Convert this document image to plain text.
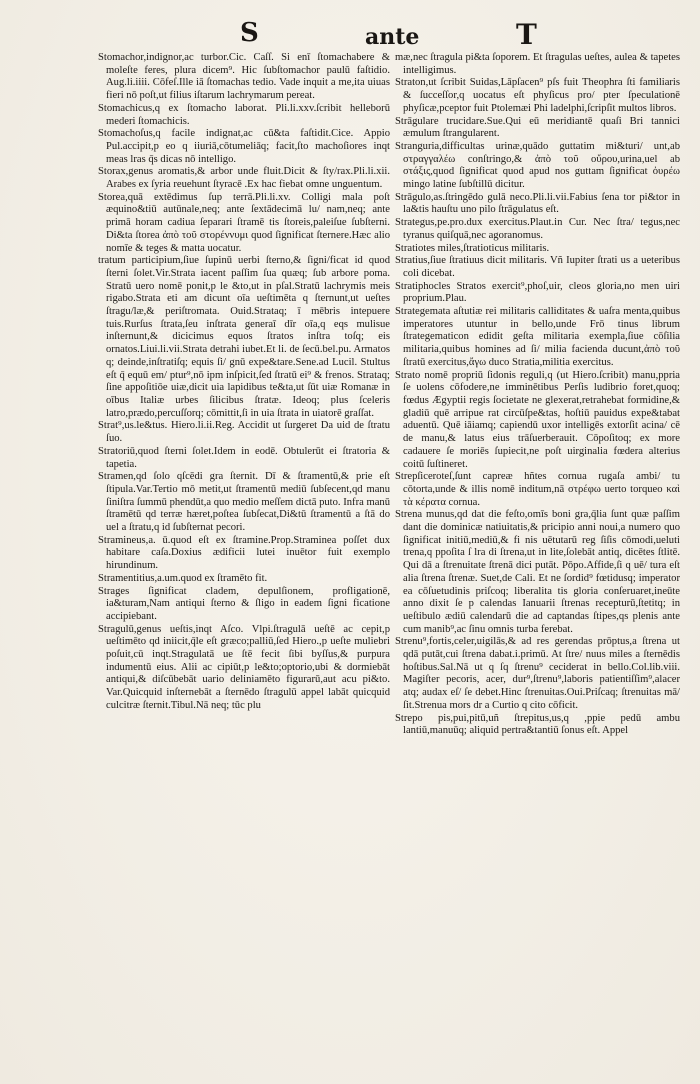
S	ante	T

Stomachor,indignor,ac turbor.Cic. Caſſ. Si enī ſtomachabere & moleſte feres, plura dicem⁹. Hic ſubſtomachor paulū faſtidio. Aug.li.iiii. Cōfeſ.Ille iā ſtomachas tedio. Vade inquit a me,ita uiuas fieri nō poſt,ut filius iſtarum lachrymarum pereat.

Stomachicus,q ex ſtomacho laborat. Pli.li.xxv.ſcribit helleborū mederi ſtomachicis.

Stomachoſus,q facile indignat,ac cū&ta faſtidit.Cice. Appio Pul.accipit,p eo q iiuriā,cōtumeliāq; facit,ſto machoſiores inqt meas lras q̄s dicas nō intelligo.

Storax,genus aromatis,& arbor unde fluit.Dicit & ſty/rax.Pli.li.xii. Arabes ex ſyria reuehunt ſtyracē .Ex hac fiebat omne unguentum.

Storea,quā extēdimus ſup terrā.Pli.li.xv. Colligi mala poſt æquino&tiū autūnale,neq; ante ſextādecimā lu/ nam,neq; ante primā horam cadiua ſeparari ſtramē tis ſtoreis,paleiſue ſubſterni. Di&ta ſtorea ἀπὸ τοῦ στορέννυμι quod ſignificat ſternere.Hæc alio nomīe & teges & matta uocatur.

tratum participium,ſiue ſupinū uerbi ſterno,& ſigni/ficat id quod ſterni ſolet.Vir.Strata iacent paſſim ſua quæq; ſub arbore poma. Stratū uero nomē ponit,p le &to,ut in pſal.Stratū lachrymis meis rigabo.Strata eti am dicunt oīa ueſtimēta q ſternunt,ut ueſtes ſtragu/læ,& periſtromata. Ouid.Strataq; ī mēbris intepuere tuis.Rurſus ſtrata,ſeu inſtrata generaī dīr oīa,q eqs mulisue inſternunt,& dicicimus equos ſtratos inſtra toſq; eis ornatos.Liui.li.vii.Strata detrahi iubet.Et li. de ſecū.bel.pu. Armatos q; deinde,inſtratiſq; equis ſi/ gnū expe&tare.Sene.ad Lucil. Stultus eſt q̄ equū em/ ptur⁹,nō ipm inſpicit,ſed ſtratū ei⁹ & frenos. Strataq; ſine appoſitiōe uiæ,dicit uia lapidibus te&ta,ut ſūt uiæ Romanæ in oībus Italiæ urbes ſilicibus ſtratæ. Ideoq; plus ſceleris latro,prædo,percuſſorq; cōmittit,ſi in uia ſtrata in uiatorē graſſat.

Strat⁹,us.le&tus. Hiero.li.ii.Reg. Accidit ut ſurgeret Da uid de ſtratu ſuo.

Stratoriū,quod ſterni ſolet.Idem in eodē. Obtulerūt ei ſtratoria & tapetia.

Stramen,qd ſolo qſcēdi gra ſternit. Dī & ſtramentū,& prie eſt ſtipula.Var.Tertio mō metit,ut ſtramentū mediū ſubſecent,qd manu ſiniſtra ſummū phendūt,a quo medio meſſem dictā puto. Infra manū ſtramētū qd terræ hæret,poſtea ſubſecat,Di&tū ſtramentū a ſtā do uel a ſtratu,q id ſubſternat pecori.

Stramineus,a. ū.quod eſt ex ſtramine.Prop.Straminea poſſet dux habitare caſa.Doxius ædificii lutei inuētor fuit exemplo hirundinum.

Stramentitius,a.um.quod ex ſtramēto fit.

Strages ſignificat cladem, depulſionem, profligationē, ia&turam,Nam antiqui ſterno & ſligo in eadem ſigni ficatione accipiebant.

Stragulū,genus ueſtis,inqt Aſco. Vlpi.ſtragulā ueſtē ac cepit,p ueſtimēto qd iniicit,q̄le eſt græco;palliū,ſed Hiero.,p ueſte muliebri poſuit,cū inqt.Stragulatā ue ſtē fecit ſibi byſſus,& purpura indumentū eius. Alii ac cipiūt,p le&to;optorio,ubi & dormiebāt antiqui,& diſcūbebāt uario deliniamēto figurarū,aut acu pi&to. Var.Quicquid inſternebāt a ſternēdo ſtragulū appel labāt quicquid culcitræ ſternit.Tibul.Nā neq; tūc plu

mæ,nec ſtragula pi&ta ſoporem. Et ſtragulas ueſtes, aulea & tapetes intelligimus.

Straton,ut ſcribit Suidas,Lāpſacen⁹ pſs fuit Theophra ſti familiaris & ſucceſſor,q uocatus eſt phyſicus pro/ pter ſpeculationē phyſicæ,pceptor fuit Ptolemæi Phi ladelphi,ſcripſit multos libros.

Strāgulare trucidare.Sue.Qui eū meridiantē quaſi Bri tannici æmulum ſtrangularent.

Stranguria,difficultas urinæ,quādo guttatim mi&turi/ unt,ab στραγγαλέω conſtringo,& ἀπὸ τοῦ οὔρου,urina,uel ab στάξις,quod ſignificat quod apud nos guttam ſignificat ὀυρέω mingo latine ſubſtillū dicitur.

Strāgulo,as.ſtringēdo gulā neco.Pli.li.vii.Fabius ſena tor pi&tor in la&tis hauſtu uno pilo ſtrāgulatus eſt.

Strategus,pe.pro.dux exercitus.Plaut.in Cur. Nec ſtra/ tegus,nec tyranus quiſquā,nec agoranomus.

Stratiotes miles,ſtratioticus militaris.

Stratius,ſiue ſtratiuus dicit militaris. Vñ Iupiter ſtrati us a ueteribus coli dicebat.

Stratiphocles Stratos exercit⁹,phoſ,uir, cleos gloria,no men uiri proprium.Plau.

Strategemata aſtutiæ rei militaris calliditates & uaſra menta,quibus imperatores utuntur in bello,unde Frō tinus librum ſtrategematicon edidit geſta militaria exempla,ſiue cōſilia militaria,quibus homines ad ſi/ milia facienda ducunt,ἀπὸ τοῦ ſtratū exercitus,ἄγω duco Stratia,militia exercitus.

Strato nomē propriū ſidonis reguli,q (ut Hiero.ſcribit) manu,ppria ſe uolens cōfodere,ne imminētibus Perſis ludibrio foret,quoq; fœdus Ægyptii regis ſocietate ne glexerat,retrahebat formidine,& gladiū quē arripue rat circūſpe&tas, hoſtiū pauidus expe&tabat aduentū. Quē iāiamq; capiendū uxor intelligēs extorſit acina/ cē de manu,& latus eius trāſuerberauit. Cōpoſitoq; ex more cadauere ſe moriēs ſupiecit,ne poſt uirginalia fœdera alterius coitū ſuſtineret.

Strepſiceroteſ,ſunt capreæ hñtes cornua rugaſa ambi/ tu cōtorta,unde & illis nomē inditum,nā στρέφω uerto torqueo καὶ τὰ κέρατα cornua.

Strena munus,qd dat die feſto,omīs boni gra,q̄lia ſunt quæ paſſim dant die dominicæ natiuitatis,& pricipio anni noui,a numero quo ſignificat initiū,mediū,& fi nis uētutarū reg ſiſis cōmodi,ueluti trena,q ppoſita ſ lra di ſtrena,ut in lite,ſolebāt antiq, dicētes ſtlitē. Qui dā a ſtrenuitate ſtrenā dici putāt. Pōpo.Affide,ſi q uē/ tura eſt alia ſtrena ſtrenæ. Suet,de Cali. Et ne ſordid⁹ fœtidusq; imperator ea cōſuetudinis priſcoq; liberalita tis gloria conſeruaret,ineūte anno dixit ſe p calendas Ianuarii ſtrenas recepturū,ſtetitq; in ueſtibulo ædiū calendarū die ad captandas ſtipes,qs plenis ante cum manib⁹,ac ſinu omnis turba ferebat.

Strenu⁹,fortis,celer,uigilās,& ad res gerendas prōptus,a ſtrena ut qdā putāt,cui ſtrena dabat.i.primū. At ſtre/ nuus miles a ſternēdis hoſtibus.Sal.Nā ut q ſq ſtrenu⁹ ceciderat in bello.Col.lib.viii. Magiſter pecoris, acer, dur⁹,ſtrenu⁹,laboris patientiſſim⁹,alacer atq; audax eſ/ ſe debet.Hinc ſtrenuitas.Oui.Priſcaq; ſtrenuitas mā/ ſit.Strenua mors dr a Curtio q cito cōficit.

Strepo pis,pui,pitū,uñ ſtrepitus,us,q ,ppie pedū ambu lantiū,manuūq; aliquid pertra&tantiū ſonus eſt. Appel
